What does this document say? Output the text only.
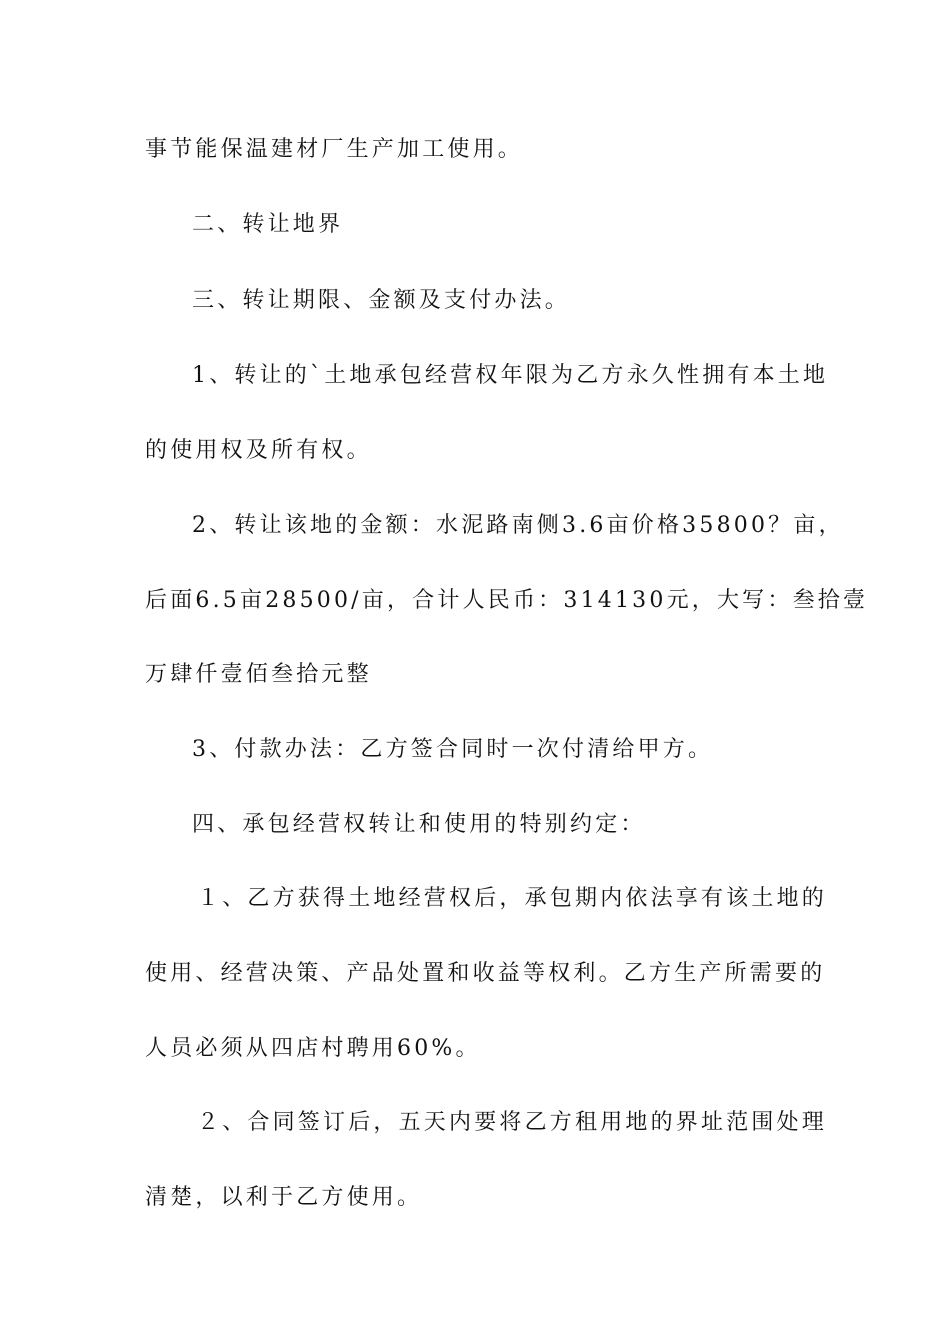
事节能保温建材厂生产加工使用。
二、转让地界
三、转让期限、金额及支付办法。
1、转让的`土地承包经营权年限为乙方永久性拥有本土地
的使用权及所有权。
2、转让该地的金额：水泥路南侧3.6亩价格35800？亩，
后面6.5亩28500/亩，合计人民币：314130元，大写：叁拾壹
万肆仟壹佰叁拾元整
3、付款办法：乙方签合同时一次付清给甲方。
四、承包经营权转让和使用的特别约定：
１、乙方获得土地经营权后，承包期内依法享有该土地的
使用、经营决策、产品处置和收益等权利。乙方生产所需要的
人员必须从四店村聘用60%。
２、合同签订后，五天内要将乙方租用地的界址范围处理
清楚，以利于乙方使用。
